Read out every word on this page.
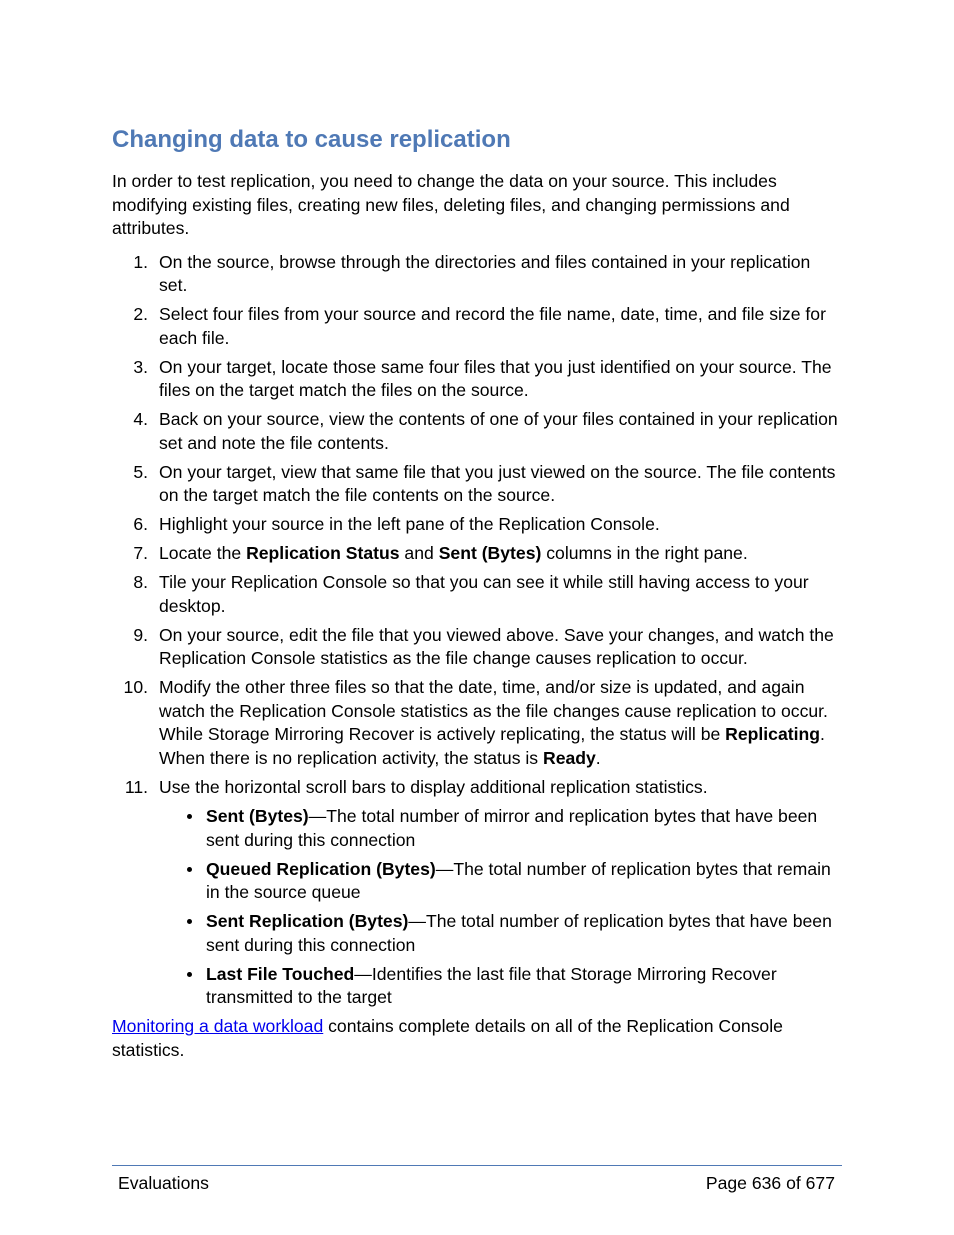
Changing data to cause replication

In order to test replication, you need to change the data on your source. This includes modifying existing files, creating new files, deleting files, and changing permissions and attributes.

1. On the source, browse through the directories and files contained in your replication set.
2. Select four files from your source and record the file name, date, time, and file size for each file.
3. On your target, locate those same four files that you just identified on your source. The files on the target match the files on the source.
4. Back on your source, view the contents of one of your files contained in your replication set and note the file contents.
5. On your target, view that same file that you just viewed on the source. The file contents on the target match the file contents on the source.
6. Highlight your source in the left pane of the Replication Console.
7. Locate the Replication Status and Sent (Bytes) columns in the right pane.
8. Tile your Replication Console so that you can see it while still having access to your desktop.
9. On your source, edit the file that you viewed above. Save your changes, and watch the Replication Console statistics as the file change causes replication to occur.
10. Modify the other three files so that the date, time, and/or size is updated, and again watch the Replication Console statistics as the file changes cause replication to occur. While Storage Mirroring Recover is actively replicating, the status will be Replicating. When there is no replication activity, the status is Ready.
11. Use the horizontal scroll bars to display additional replication statistics.
Sent (Bytes)—The total number of mirror and replication bytes that have been sent during this connection
Queued Replication (Bytes)—The total number of replication bytes that remain in the source queue
Sent Replication (Bytes)—The total number of replication bytes that have been sent during this connection
Last File Touched—Identifies the last file that Storage Mirroring Recover transmitted to the target

Monitoring a data workload contains complete details on all of the Replication Console statistics.

Evaluations	Page 636 of 677
